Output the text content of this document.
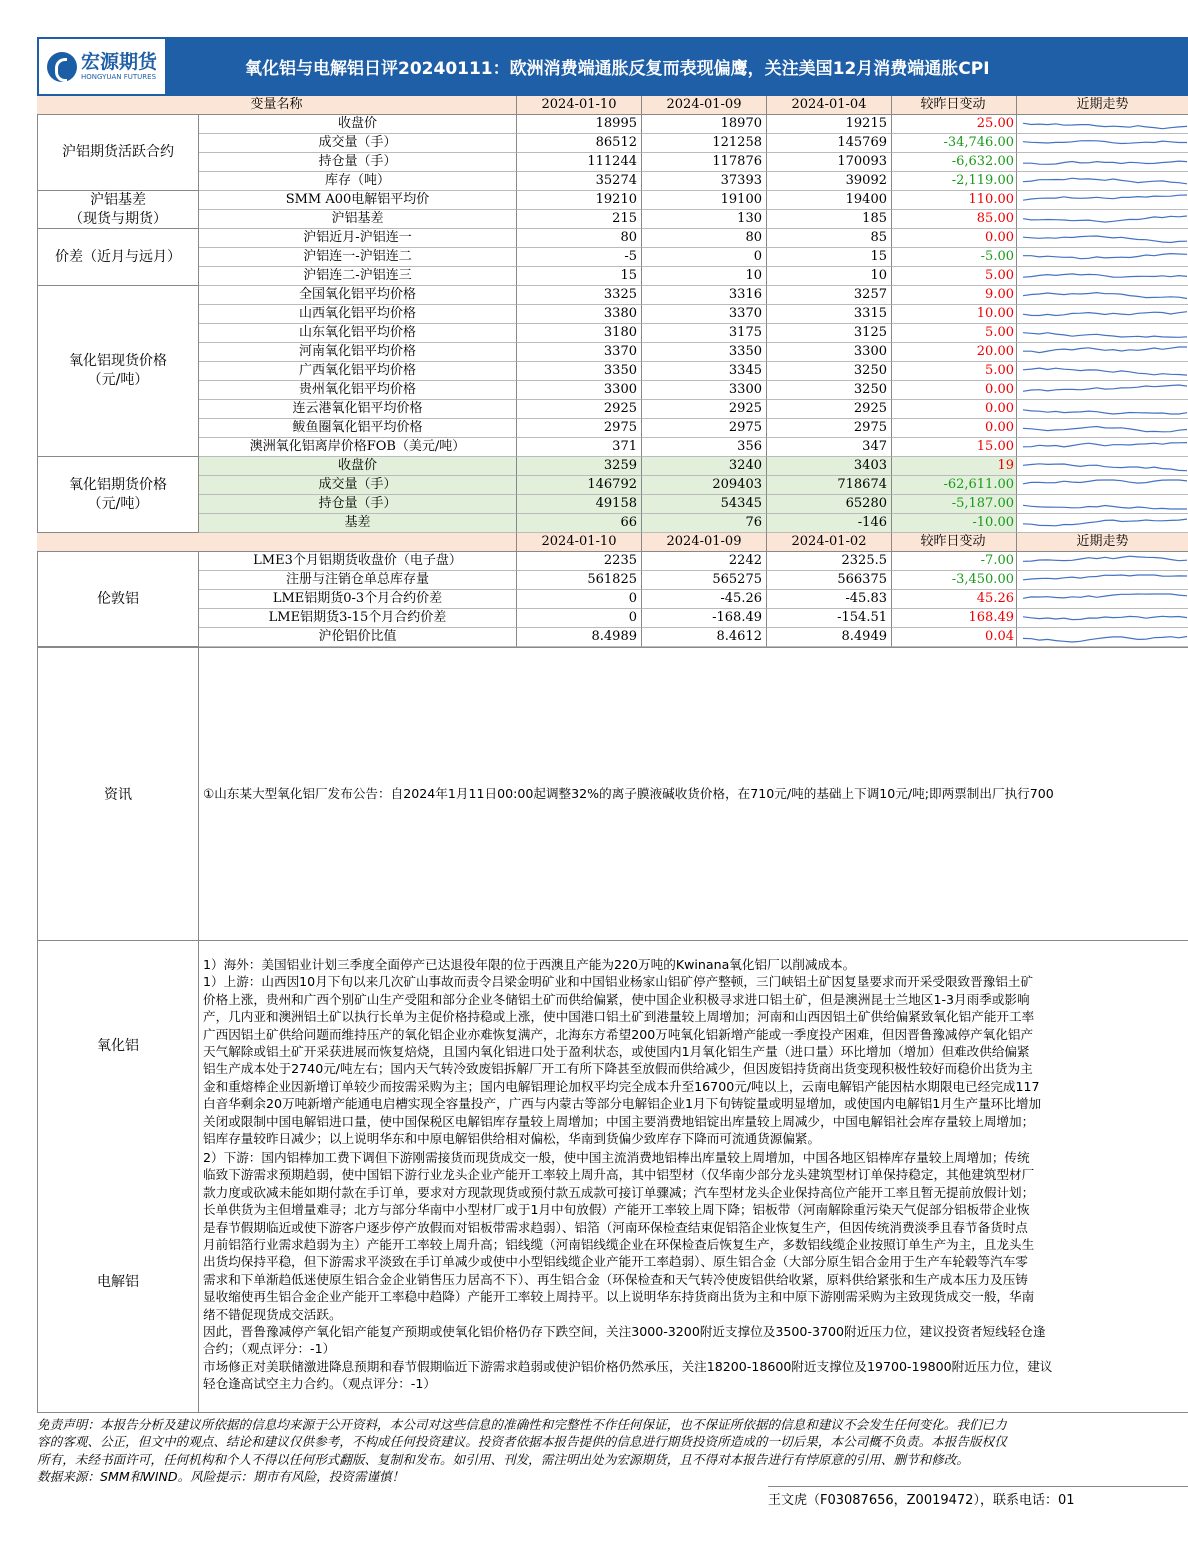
宏源期货
HONGYUAN FUTURES	氧化铝与电解铝日评20240111：欧洲消费端通胀反复而表现偏鹰，关注美国12月消费端通胀CPI
变量名称	2024-01-10	2024-01-09	2024-01-04	较昨日变动	近期走势
收盘价	18995	18970	19215	25.00
成交量（手）	86512	121258	145769	-34,746.00
持仓量（手）	111244	117876	170093	-6,632.00
库存（吨）	35274	37393	39092	-2,119.00
沪铝期货活跃合约
SMM A00电解铝平均价	19210	19100	19400	110.00
沪铝基差	215	130	185	85.00
沪铝基差
（现货与期货）
沪铝近月-沪铝连一	80	80	85	0.00
沪铝连一-沪铝连二	-5	0	15	-5.00
沪铝连二-沪铝连三	15	10	10	5.00
价差（近月与远月）
全国氧化铝平均价格	3325	3316	3257	9.00
山西氧化铝平均价格	3380	3370	3315	10.00
山东氧化铝平均价格	3180	3175	3125	5.00
河南氧化铝平均价格	3370	3350	3300	20.00
广西氧化铝平均价格	3350	3345	3250	5.00
贵州氧化铝平均价格	3300	3300	3250	0.00
连云港氧化铝平均价格	2925	2925	2925	0.00
鲅鱼圈氧化铝平均价格	2975	2975	2975	0.00
澳洲氧化铝离岸价格FOB（美元/吨）	371	356	347	15.00
氧化铝现货价格
（元/吨）
收盘价	3259	3240	3403	19
成交量（手）	146792	209403	718674	-62,611.00
持仓量（手）	49158	54345	65280	-5,187.00
基差	66	76	-146	-10.00
氧化铝期货价格
（元/吨）
2024-01-10	2024-01-09	2024-01-02	较昨日变动	近期走势
LME3个月铝期货收盘价（电子盘）	2235	2242	2325.5	-7.00
注册与注销仓单总库存量	561825	565275	566375	-3,450.00
LME铝期货0-3个月合约价差	0	-45.26	-45.83	45.26
LME铝期货3-15个月合约价差	0	-168.49	-154.51	168.49
沪伦铝价比值	8.4989	8.4612	8.4949	0.04
伦敦铝
资讯	①山东某大型氧化铝厂发布公告：自2024年1月11日00:00起调整32%的离子膜液碱收货价格，在710元/吨的基础上下调10元/吨;即两票制出厂执行700
氧化铝
1）海外：美国铝业计划三季度全面停产已达退役年限的位于西澳且产能为220万吨的Kwinana氧化铝厂以削减成本。
1）上游：山西因10月下旬以来几次矿山事故而责令吕梁金明矿业和中国铝业杨家山铝矿停产整顿，三门峡铝土矿因复垦要求而开采受限致晋豫铝土矿
价格上涨，贵州和广西个别矿山生产受阻和部分企业冬储铝土矿而供给偏紧，使中国企业积极寻求进口铝土矿，但是澳洲昆士兰地区1-3月雨季或影响
产，几内亚和澳洲铝土矿以执行长单为主促价格持稳或上涨，使中国港口铝土矿到港量较上周增加；河南和山西因铝土矿供给偏紧致氧化铝产能开工率
广西因铝土矿供给问题而维持压产的氧化铝企业亦难恢复满产，北海东方希望200万吨氧化铝新增产能或一季度投产困难，但因晋鲁豫减停产氧化铝产
天气解除或铝土矿开采获进展而恢复焙烧，且国内氧化铝进口处于盈利状态，或使国内1月氧化铝生产量（进口量）环比增加（增加）但难改供给偏紧
铝生产成本处于2740元/吨左右；国内天气转冷致废铝拆解厂开工有所下降甚至放假而供给减少，但因废铝持货商出货变现积极性较好而稳价出货为主
金和重熔棒企业因新增订单较少而按需采购为主；国内电解铝理论加权平均完全成本升至16700元/吨以上，云南电解铝产能因枯水期限电已经完成117
白音华剩余20万吨新增产能通电启槽实现全容量投产，广西与内蒙古等部分电解铝企业1月下旬铸锭量或明显增加，或使国内电解铝1月生产量环比增加
关闭或限制中国电解铝进口量，使中国保税区电解铝库存量较上周增加；中国主要消费地铝锭出库量较上周减少，中国电解铝社会库存量较上周增加；
铝库存量较昨日减少；以上说明华东和中原电解铝供给相对偏松，华南到货偏少致库存下降而可流通货源偏紧。
电解铝
2）下游：国内铝棒加工费下调但下游刚需接货而现货成交一般，使中国主流消费地铝棒出库量较上周增加，中国各地区铝棒库存量较上周增加；传统
临致下游需求预期趋弱，使中国铝下游行业龙头企业产能开工率较上周升高，其中铝型材（仅华南少部分龙头建筑型材订单保持稳定，其他建筑型材厂
款力度或砍减未能如期付款在手订单，要求对方现款现货或预付款五成款可接订单骤减；汽车型材龙头企业保持高位产能开工率且暂无提前放假计划；
长单供货为主但增量难寻；北方与部分华南中小型材厂或于1月中旬放假）产能开工率较上周下降；铝板带（河南解除重污染天气促部分铝板带企业恢
是春节假期临近或使下游客户逐步停产放假而对铝板带需求趋弱）、铝箔（河南环保检查结束促铝箔企业恢复生产，但因传统消费淡季且春节备货时点
月前铝箔行业需求趋弱为主）产能开工率较上周升高；铝线缆（河南铝线缆企业在环保检查后恢复生产，多数铝线缆企业按照订单生产为主，且龙头生
出货均保持平稳，但下游需求平淡致在手订单减少或使中小型铝线缆企业产能开工率趋弱）、原生铝合金（大部分原生铝合金用于生产车轮毂等汽车零
需求和下单渐趋低迷使原生铝合金企业销售压力居高不下）、再生铝合金（环保检查和天气转冷使废铝供给收紧，原料供给紧张和生产成本压力及压铸
显收缩使再生铝合金企业产能开工率稳中趋降）产能开工率较上周持平。以上说明华东持货商出货为主和中原下游刚需采购为主致现货成交一般，华南
绪不错促现货成交活跃。
因此，晋鲁豫减停产氧化铝产能复产预期或使氧化铝价格仍存下跌空间，关注3000-3200附近支撑位及3500-3700附近压力位，建议投资者短线轻仓逢
合约；（观点评分：-1）
市场修正对美联储激进降息预期和春节假期临近下游需求趋弱或使沪铝价格仍然承压，关注18200-18600附近支撑位及19700-19800附近压力位，建议
轻仓逢高试空主力合约。（观点评分：-1）
免责声明：本报告分析及建议所依据的信息均来源于公开资料，本公司对这些信息的准确性和完整性不作任何保证，也不保证所依据的信息和建议不会发生任何变化。我们已力
容的客观、公正，但文中的观点、结论和建议仅供参考，不构成任何投资建议。投资者依据本报告提供的信息进行期货投资所造成的一切后果，本公司概不负责。本报告版权仅
所有，未经书面许可，任何机构和个人不得以任何形式翻版、复制和发布。如引用、刊发，需注明出处为宏源期货，且不得对本报告进行有悖原意的引用、删节和修改。
数据来源：SMM和WIND。风险提示：期市有风险，投资需谨慎！
王文虎（F03087656，Z0019472），联系电话：01
